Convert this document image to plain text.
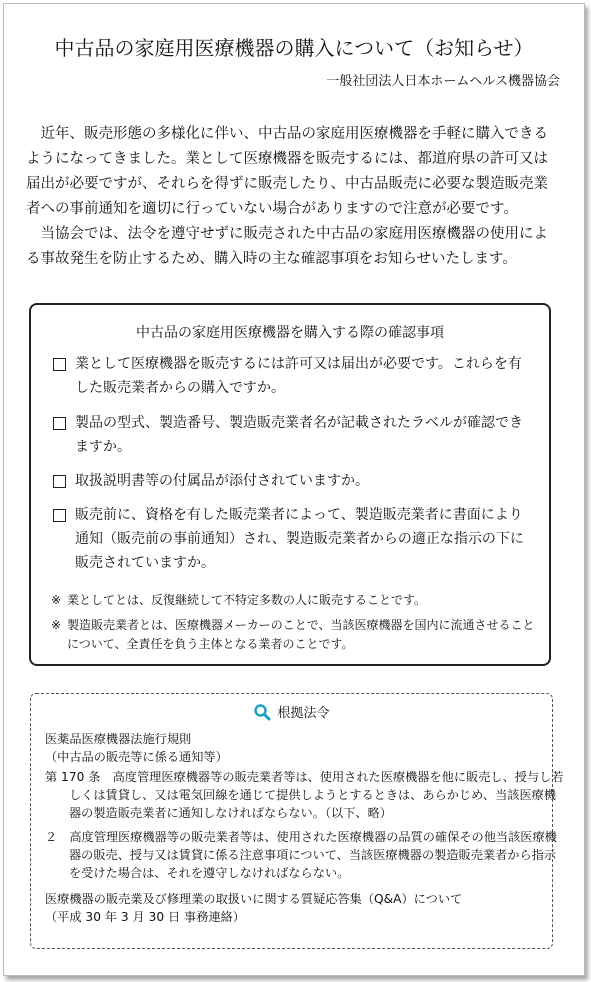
中古品の家庭用医療機器の購入について（お知らせ）
一般社団法人日本ホームヘルス機器協会

近年、販売形態の多様化に伴い、中古品の家庭用医療機器を手軽に購入できるようになってきました。業として医療機器を販売するには、都道府県の許可又は届出が必要ですが、それらを得ずに販売したり、中古品販売に必要な製造販売業者への事前通知を適切に行っていない場合がありますので注意が必要です。

当協会では、法令を遵守せずに販売された中古品の家庭用医療機器の使用による事故発生を防止するため、購入時の主な確認事項をお知らせいたします。

中古品の家庭用医療機器を購入する際の確認事項
業として医療機器を販売するには許可又は届出が必要です。これらを有した販売業者からの購入ですか。
製品の型式、製造番号、製造販売業者名が記載されたラベルが確認できますか。
取扱説明書等の付属品が添付されていますか。
販売前に、資格を有した販売業者によって、製造販売業者に書面により通知（販売前の事前通知）され、製造販売業者からの適正な指示の下に販売されていますか。
※ 業としてとは、反復継続して不特定多数の人に販売することです。
※ 製造販売業者とは、医療機器メーカーのことで、当該医療機器を国内に流通させることについて、全責任を負う主体となる業者のことです。
根拠法令
医薬品医療機器法施行規則
（中古品の販売等に係る通知等）
第 170 条　高度管理医療機器等の販売業者等は、使用された医療機器を他に販売し、授与し若しくは賃貸し、又は電気回線を通じて提供しようとするときは、あらかじめ、当該医療機器の製造販売業者に通知しなければならない。（以下、略）
２　高度管理医療機器等の販売業者等は、使用された医療機器の品質の確保その他当該医療機器の販売、授与又は賃貸に係る注意事項について、当該医療機器の製造販売業者から指示を受けた場合は、それを遵守しなければならない。
医療機器の販売業及び修理業の取扱いに関する質疑応答集（Q&A）について
（平成 30 年 3 月 30 日 事務連絡）
